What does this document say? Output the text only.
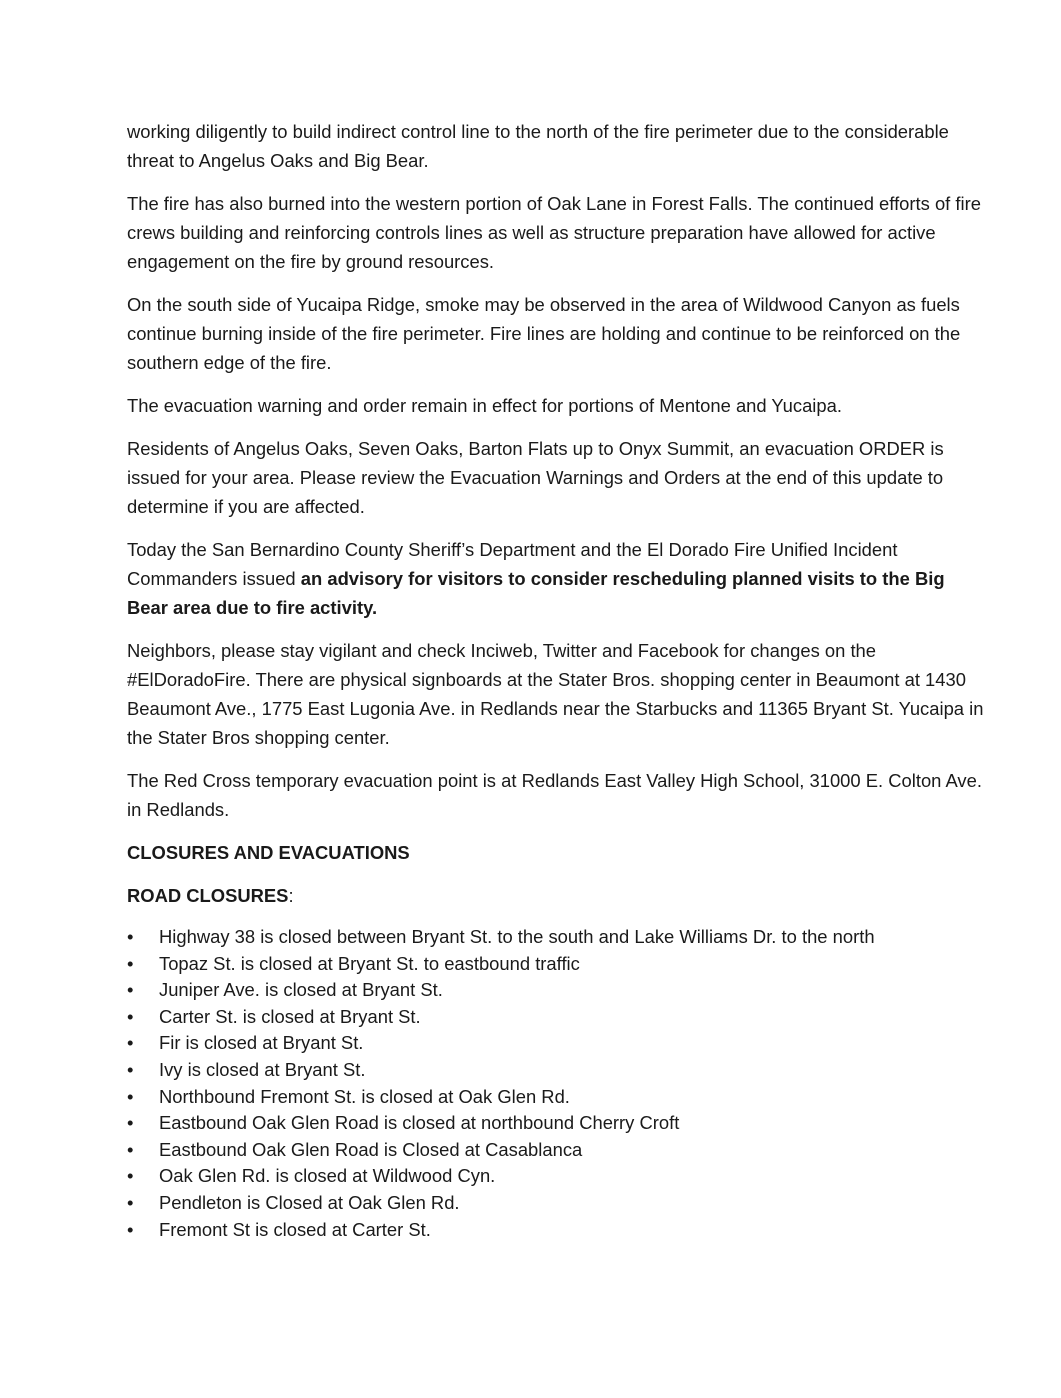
working diligently to build indirect control line to the north of the fire perimeter due to the considerable threat to Angelus Oaks and Big Bear.

The fire has also burned into the western portion of Oak Lane in Forest Falls. The continued efforts of fire crews building and reinforcing controls lines as well as structure preparation have allowed for active engagement on the fire by ground resources.

On the south side of Yucaipa Ridge, smoke may be observed in the area of Wildwood Canyon as fuels continue burning inside of the fire perimeter. Fire lines are holding and continue to be reinforced on the southern edge of the fire.

The evacuation warning and order remain in effect for portions of Mentone and Yucaipa.

Residents of Angelus Oaks, Seven Oaks, Barton Flats up to Onyx Summit, an evacuation ORDER is issued for your area. Please review the Evacuation Warnings and Orders at the end of this update to determine if you are affected.

Today the San Bernardino County Sheriff’s Department and the El Dorado Fire Unified Incident Commanders issued an advisory for visitors to consider rescheduling planned visits to the Big Bear area due to fire activity.

Neighbors, please stay vigilant and check Inciweb, Twitter and Facebook for changes on the #ElDoradoFire. There are physical signboards at the Stater Bros. shopping center in Beaumont at 1430 Beaumont Ave., 1775 East Lugonia Ave. in Redlands near the Starbucks and 11365 Bryant St. Yucaipa in the Stater Bros shopping center.

The Red Cross temporary evacuation point is at Redlands East Valley High School, 31000 E. Colton Ave. in Redlands.

CLOSURES AND EVACUATIONS

ROAD CLOSURES:

• Highway 38 is closed between Bryant St. to the south and Lake Williams Dr. to the north
• Topaz St. is closed at Bryant St. to eastbound traffic
• Juniper Ave. is closed at Bryant St.
• Carter St. is closed at Bryant St.
• Fir is closed at Bryant St.
• Ivy is closed at Bryant St.
• Northbound Fremont St. is closed at Oak Glen Rd.
• Eastbound Oak Glen Road is closed at northbound Cherry Croft
• Eastbound Oak Glen Road is Closed at Casablanca
• Oak Glen Rd. is closed at Wildwood Cyn.
• Pendleton is Closed at Oak Glen Rd.
• Fremont St is closed at Carter St.
